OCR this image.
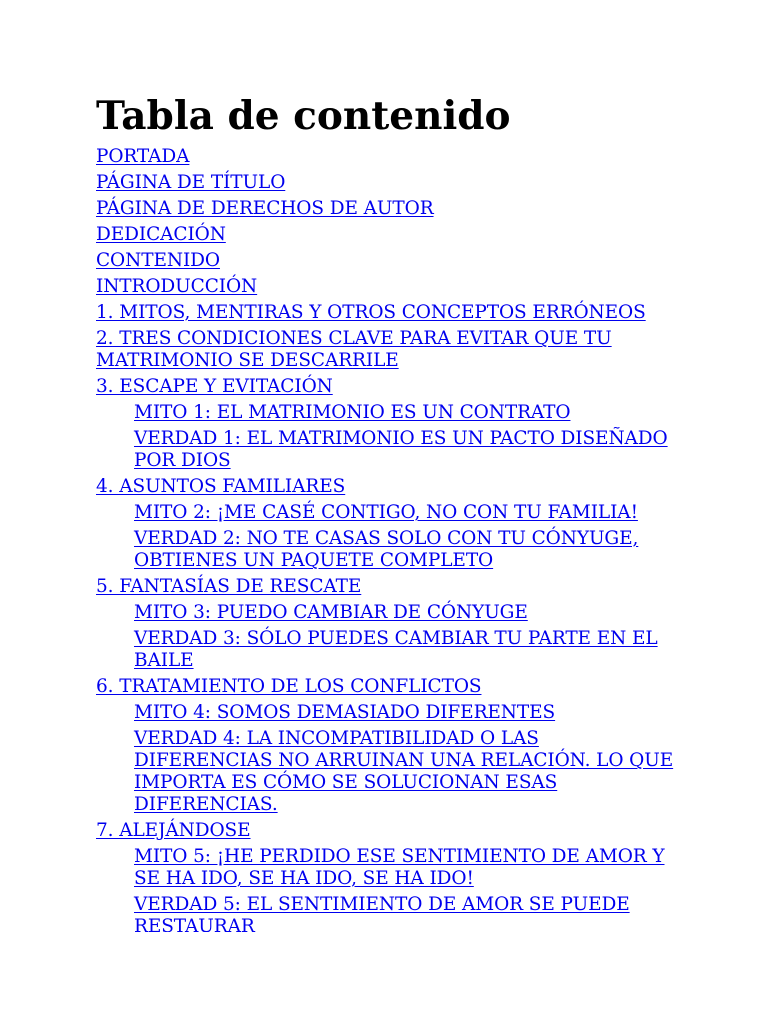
Tabla de contenido
PORTADA
PÁGINA DE TÍTULO
PÁGINA DE DERECHOS DE AUTOR
DEDICACIÓN
CONTENIDO
INTRODUCCIÓN
1. MITOS, MENTIRAS Y OTROS CONCEPTOS ERRÓNEOS
2. TRES CONDICIONES CLAVE PARA EVITAR QUE TU MATRIMONIO SE DESCARRILE
3. ESCAPE Y EVITACIÓN
MITO 1: EL MATRIMONIO ES UN CONTRATO
VERDAD 1: EL MATRIMONIO ES UN PACTO DISEÑADO POR DIOS
4. ASUNTOS FAMILIARES
MITO 2: ¡ME CASÉ CONTIGO, NO CON TU FAMILIA!
VERDAD 2: NO TE CASAS SOLO CON TU CÓNYUGE, OBTIENES UN PAQUETE COMPLETO
5. FANTASÍAS DE RESCATE
MITO 3: PUEDO CAMBIAR DE CÓNYUGE
VERDAD 3: SÓLO PUEDES CAMBIAR TU PARTE EN EL BAILE
6. TRATAMIENTO DE LOS CONFLICTOS
MITO 4: SOMOS DEMASIADO DIFERENTES
VERDAD 4: LA INCOMPATIBILIDAD O LAS DIFERENCIAS NO ARRUINAN UNA RELACIÓN. LO QUE IMPORTA ES CÓMO SE SOLUCIONAN ESAS DIFERENCIAS.
7. ALEJÁNDOSE
MITO 5: ¡HE PERDIDO ESE SENTIMIENTO DE AMOR Y SE HA IDO, SE HA IDO, SE HA IDO!
VERDAD 5: EL SENTIMIENTO DE AMOR SE PUEDE RESTAURAR
